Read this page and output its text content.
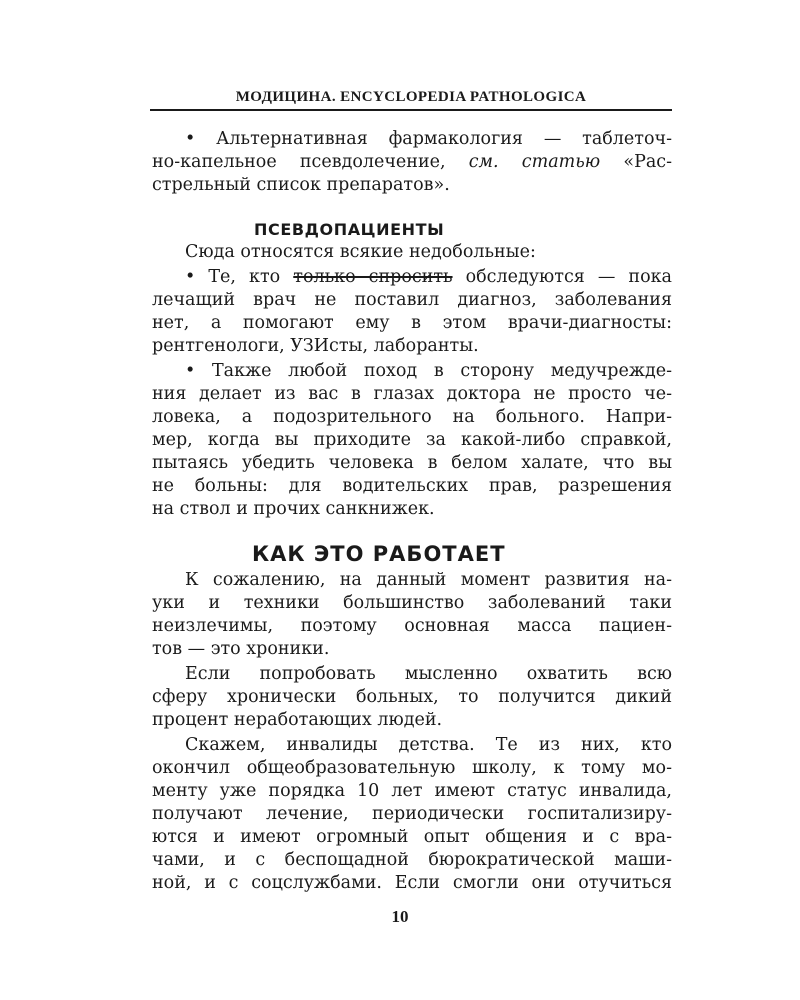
МОДИЦИНА. ENCYCLOPEDIA PATHOLOGICA
• Альтернативная фармакология — таблеточ-
но-капельное псевдолечение, см. статью «Рас-
стрельный список препаратов».
ПСЕВДОПАЦИЕНТЫ
Сюда относятся всякие недобольные:
• Те, кто только спросить обследуются — пока
лечащий врач не поставил диагноз, заболевания
нет, а помогают ему в этом врачи-диагносты:
рентгенологи, УЗИсты, лаборанты.
• Также любой поход в сторону медучрежде-
ния делает из вас в глазах доктора не просто че-
ловека, а подозрительного на больного. Напри-
мер, когда вы приходите за какой-либо справкой,
пытаясь убедить человека в белом халате, что вы
не больны: для водительских прав, разрешения
на ствол и прочих санкнижек.
КАК ЭТО РАБОТАЕТ
К сожалению, на данный момент развития на-
уки и техники большинство заболеваний таки
неизлечимы, поэтому основная масса пациен-
тов — это хроники.
Если попробовать мысленно охватить всю
сферу хронически больных, то получится дикий
процент неработающих людей.
Скажем, инвалиды детства. Те из них, кто
окончил общеобразовательную школу, к тому мо-
менту уже порядка 10 лет имеют статус инвалида,
получают лечение, периодически госпитализиру-
ются и имеют огромный опыт общения и с вра-
чами, и с беспощадной бюрократической маши-
ной, и с соцслужбами. Если смогли они отучиться
10
